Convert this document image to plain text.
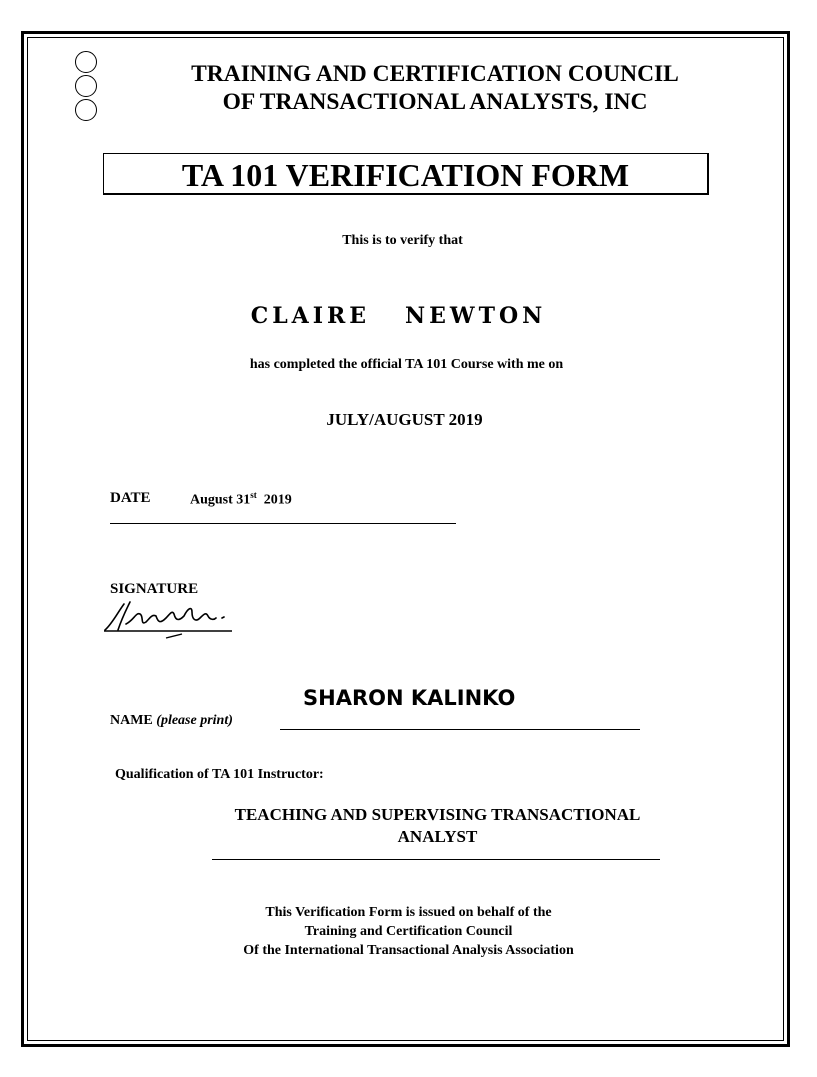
TRAINING AND CERTIFICATION COUNCIL
OF TRANSACTIONAL ANALYSTS, INC
TA 101 VERIFICATION FORM
This is to verify that
CLAIRE   NEWTON
has completed the official TA 101 Course with me on
JULY/AUGUST 2019
DATE	August 31st 2019
SIGNATURE
SHARON KALINKO
NAME (please print)
Qualification of TA 101 Instructor:
TEACHING AND SUPERVISING TRANSACTIONAL
ANALYST
This Verification Form is issued on behalf of the
Training and Certification Council
Of the International Transactional Analysis Association
